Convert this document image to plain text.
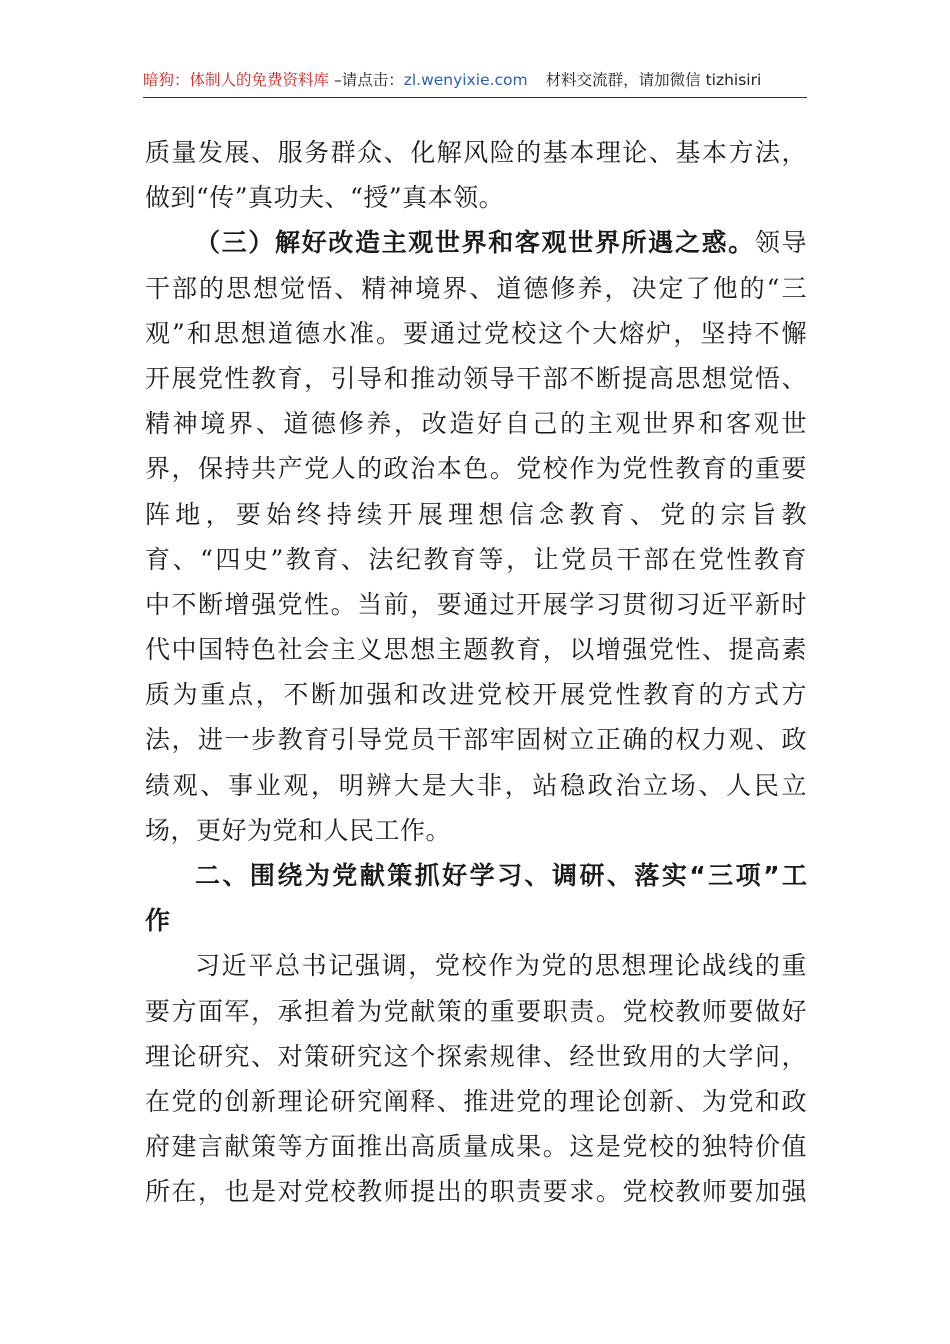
暗狗：体制人的免费资料库 –请点击：zl.wenyixie.com 材料交流群，请加微信 tizhisiri
质量发展、服务群众、化解风险的基本理论、基本方法，
做到“传”真功夫、“授”真本领。
（三）解好改造主观世界和客观世界所遇之惑。领导
干部的思想觉悟、精神境界、道德修养，决定了他的“三
观”和思想道德水准。要通过党校这个大熔炉，坚持不懈
开展党性教育，引导和推动领导干部不断提高思想觉悟、
精神境界、道德修养，改造好自己的主观世界和客观世
界，保持共产党人的政治本色。党校作为党性教育的重要
阵地，要始终持续开展理想信念教育、党的宗旨教
育、“四史”教育、法纪教育等，让党员干部在党性教育
中不断增强党性。当前，要通过开展学习贯彻习近平新时
代中国特色社会主义思想主题教育，以增强党性、提高素
质为重点，不断加强和改进党校开展党性教育的方式方
法，进一步教育引导党员干部牢固树立正确的权力观、政
绩观、事业观，明辨大是大非，站稳政治立场、人民立
场，更好为党和人民工作。
二、围绕为党献策抓好学习、调研、落实“三项”工
作
习近平总书记强调，党校作为党的思想理论战线的重
要方面军，承担着为党献策的重要职责。党校教师要做好
理论研究、对策研究这个探索规律、经世致用的大学问，
在党的创新理论研究阐释、推进党的理论创新、为党和政
府建言献策等方面推出高质量成果。这是党校的独特价值
所在，也是对党校教师提出的职责要求。党校教师要加强
